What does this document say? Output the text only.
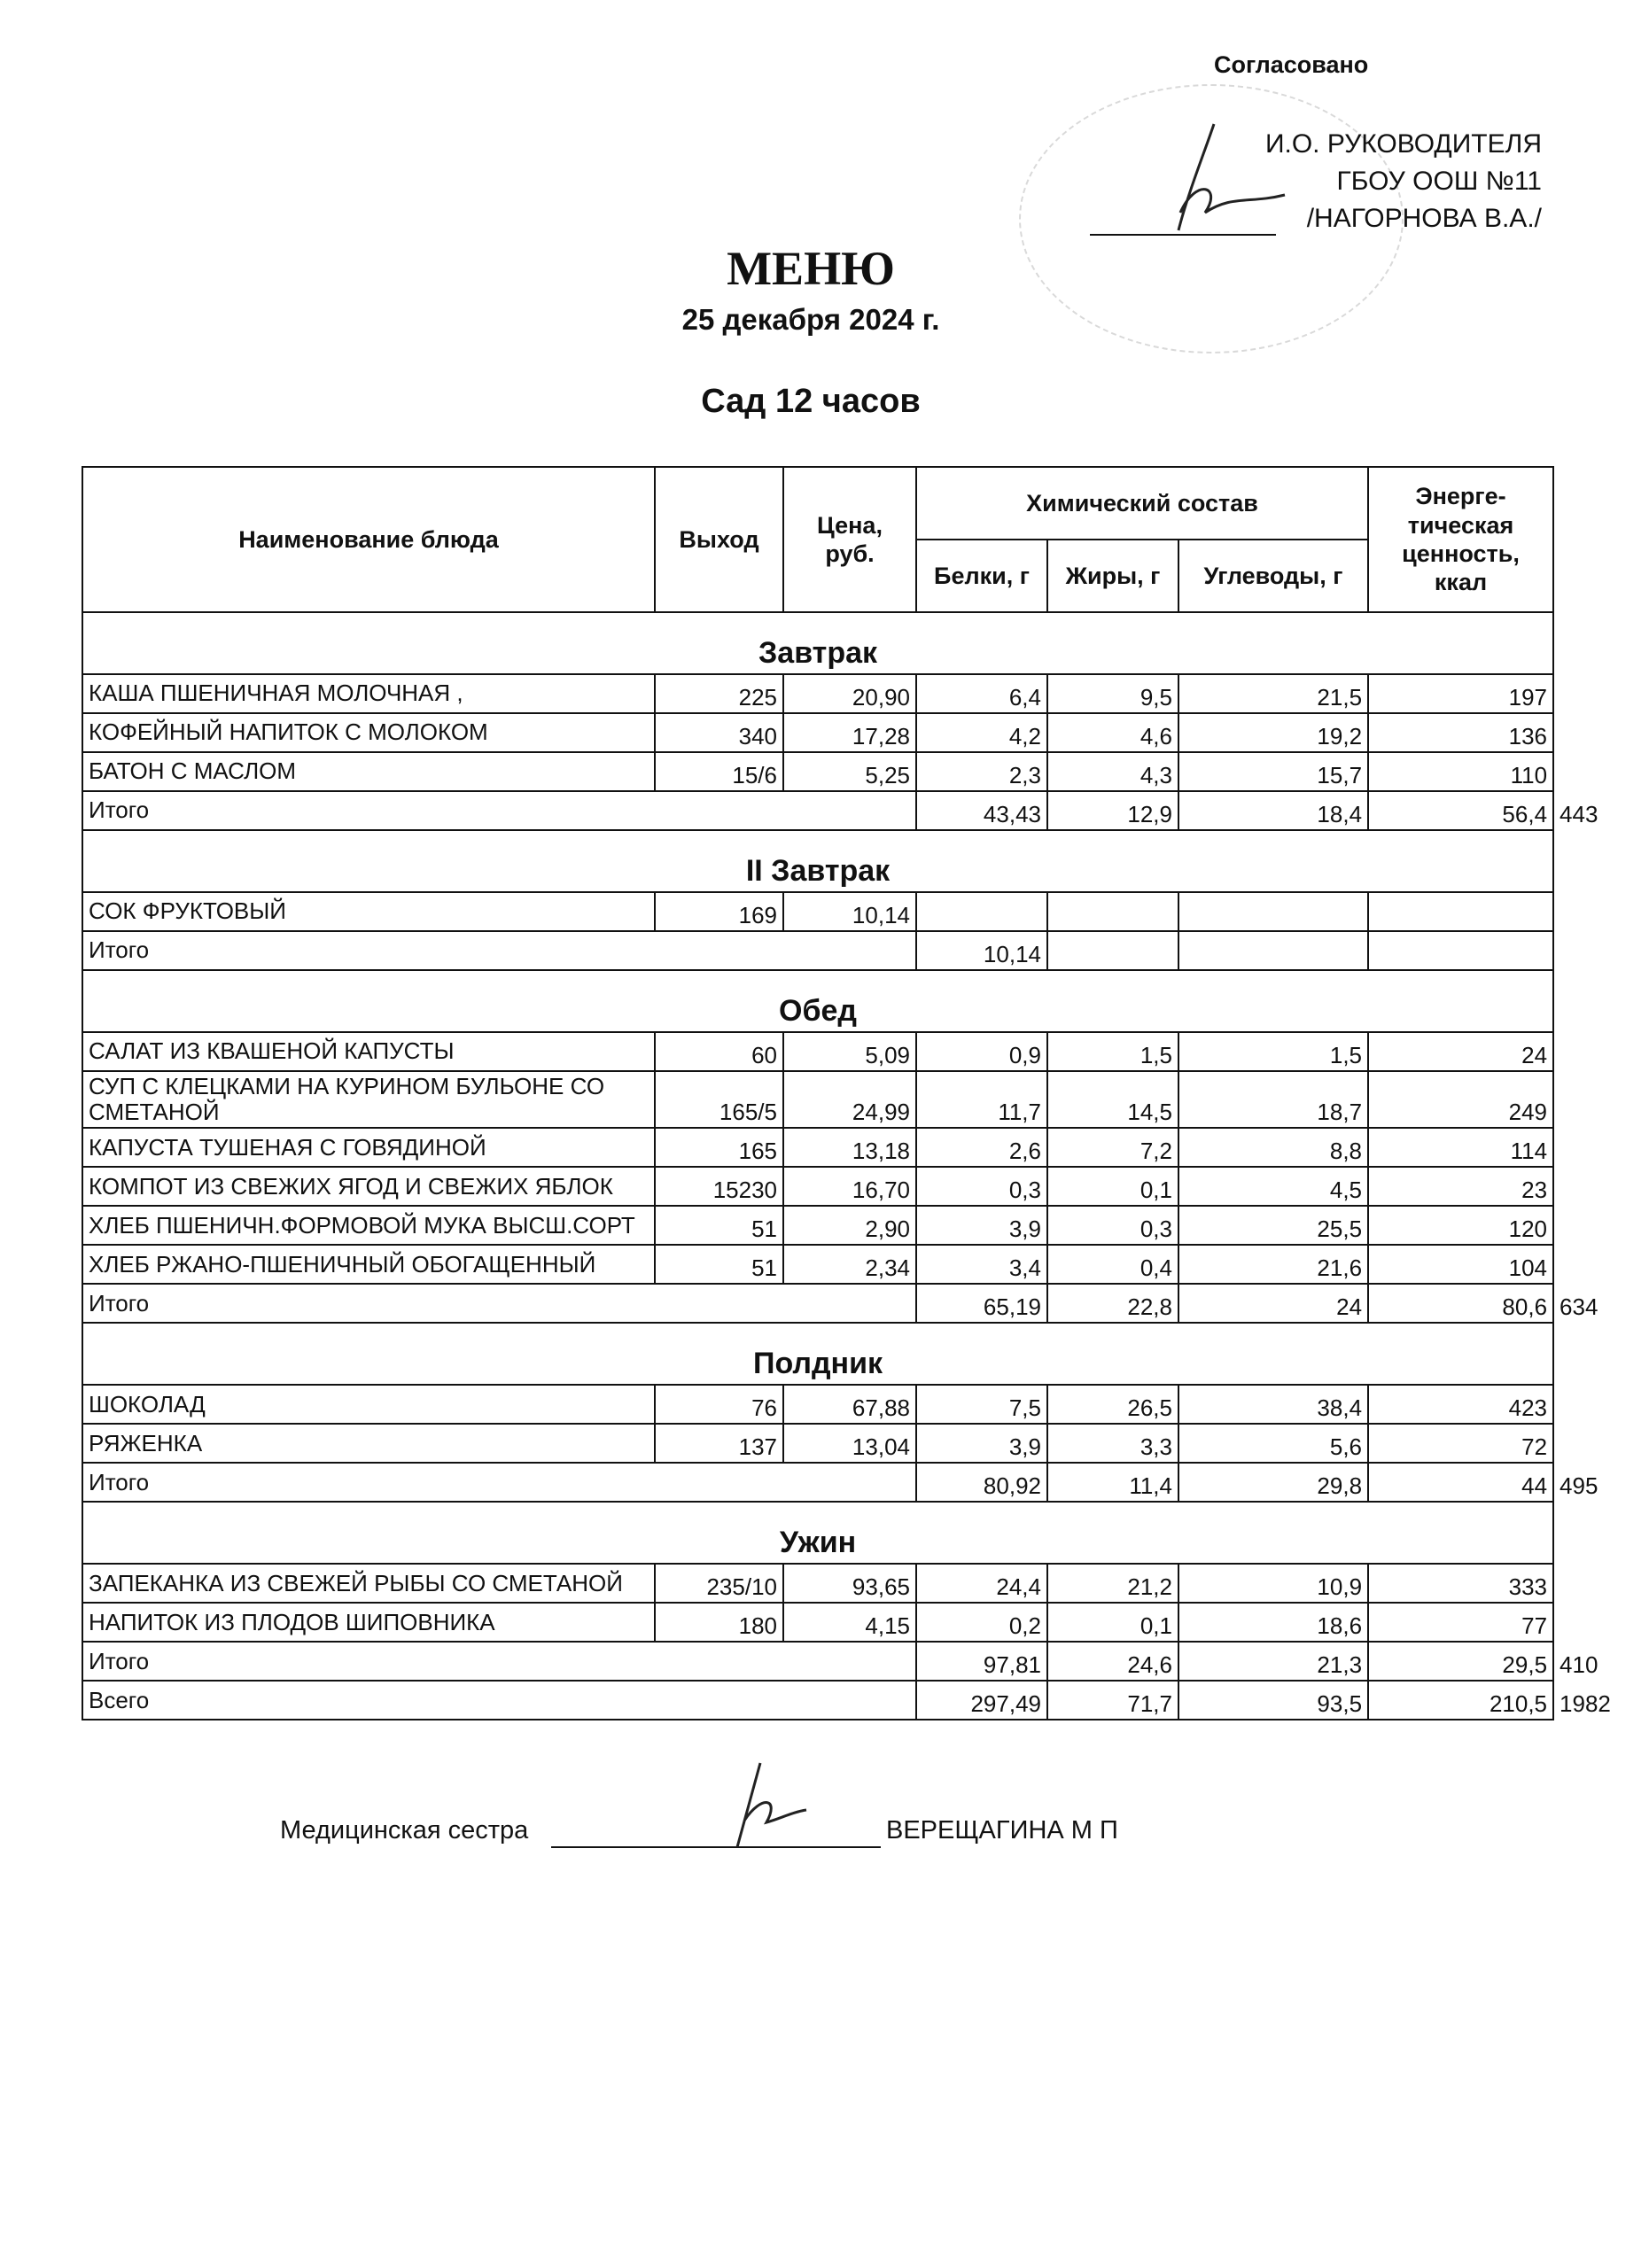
Согласовано
И.О. РУКОВОДИТЕЛЯ
ГБОУ ООШ №11
/НАГОРНОВА В.А./
МЕНЮ
25 декабря 2024 г.
Сад 12 часов
Наименование блюда	Выход	Цена, руб.	Химический состав			Энерге-
тическая
ценность,
ккал	

			Белки, г	Жиры, г	Углеводы, г		
Завтрак							
КАША ПШЕНИЧНАЯ МОЛОЧНАЯ ,	225	20,90	6,4	9,5	21,5	197	
КОФЕЙНЫЙ НАПИТОК С МОЛОКОМ	340	17,28	4,2	4,6	19,2	136	
БАТОН С МАСЛОМ	15/6	5,25	2,3	4,3	15,7	110	
Итого			43,43	12,9	18,4	56,4	443
II Завтрак							
СОК ФРУКТОВЫЙ	169	10,14					
Итого			10,14				
Обед							
САЛАТ ИЗ КВАШЕНОЙ КАПУСТЫ	60	5,09	0,9	1,5	1,5	24	
СУП С КЛЕЦКАМИ НА КУРИНОМ БУЛЬОНЕ СО СМЕТАНОЙ	165/5	24,99	11,7	14,5	18,7	249	
КАПУСТА ТУШЕНАЯ С ГОВЯДИНОЙ	165	13,18	2,6	7,2	8,8	114	
КОМПОТ ИЗ СВЕЖИХ ЯГОД И СВЕЖИХ ЯБЛОК	15230	16,70	0,3	0,1	4,5	23	
ХЛЕБ ПШЕНИЧН.ФОРМОВОЙ МУКА ВЫСШ.СОРТ	51	2,90	3,9	0,3	25,5	120	
ХЛЕБ РЖАНО-ПШЕНИЧНЫЙ ОБОГАЩЕННЫЙ	51	2,34	3,4	0,4	21,6	104	
Итого			65,19	22,8	24	80,6	634
Полдник							
ШОКОЛАД	76	67,88	7,5	26,5	38,4	423	
РЯЖЕНКА	137	13,04	3,9	3,3	5,6	72	
Итого			80,92	11,4	29,8	44	495
Ужин							
ЗАПЕКАНКА ИЗ СВЕЖЕЙ РЫБЫ СО СМЕТАНОЙ	235/10	93,65	24,4	21,2	10,9	333	
НАПИТОК ИЗ ПЛОДОВ ШИПОВНИКА	180	4,15	0,2	0,1	18,6	77	
Итого			97,81	24,6	21,3	29,5	410
Всего			297,49	71,7	93,5	210,5	1982
Медицинская сестра	ВЕРЕЩАГИНА М П
